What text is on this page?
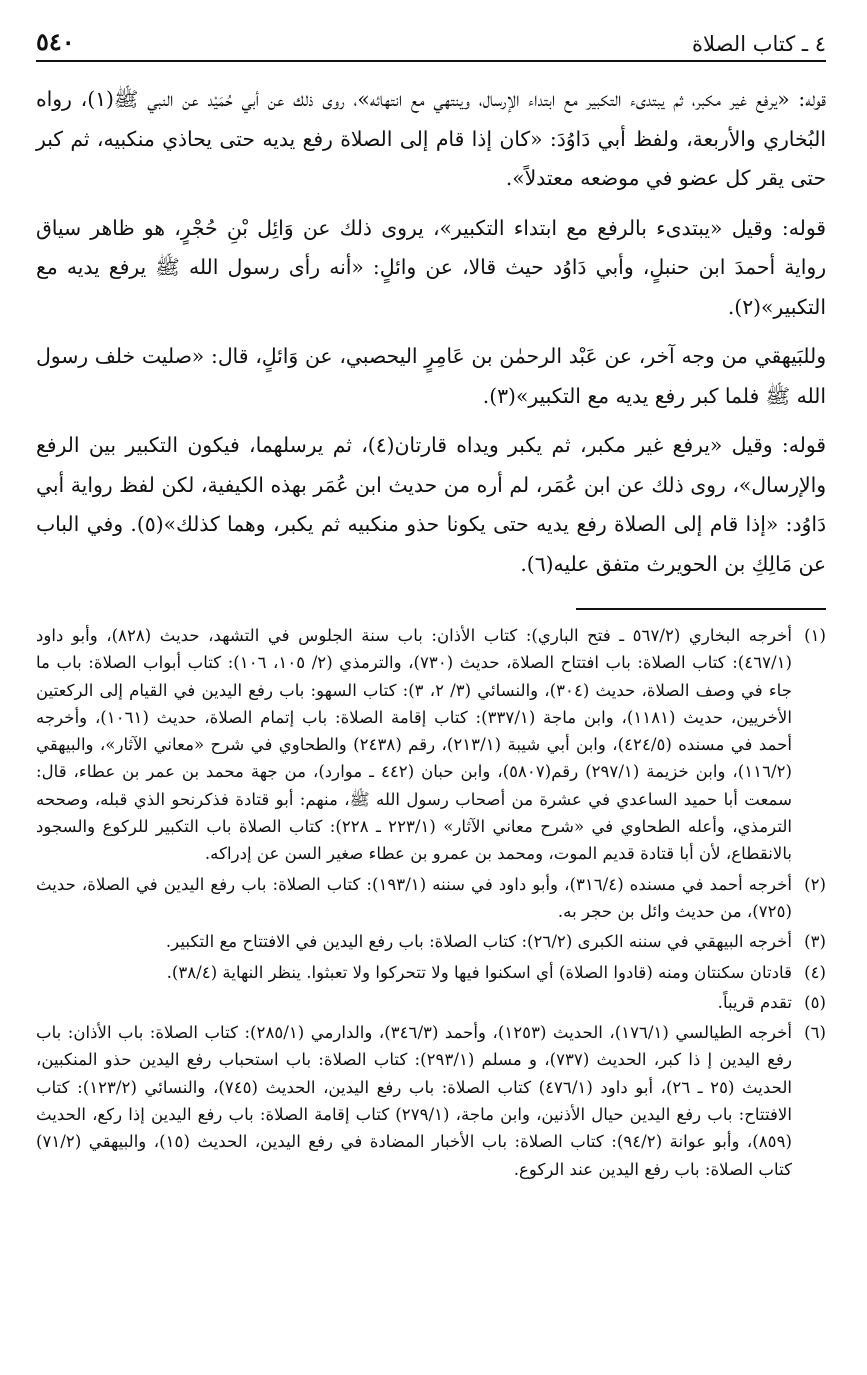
٤ ـ كتاب الصلاة
٥٤٠

قوله: «يرفع غير مكبر، ثم يبتدىء التكبير مع ابتداء الإرسال، وينتهي مع انتهائه»، روى ذلك عن أبي حُمَيْد عن النبي ﷺ(١)، رواه البُخاري والأربعة، ولفظ أبي دَاوُدَ: «كان إذا قام إلى الصلاة رفع يديه حتى يحاذي منكبيه، ثم كبر حتى يقر كل عضو في موضعه معتدلاً».

قوله: وقيل «يبتدىء بالرفع مع ابتداء التكبير»، يروى ذلك عن وَائِل بْنِ حُجْرٍ، هو ظاهر سياق رواية أحمدَ ابن حنبلٍ، وأبي دَاوُد حيث قالا، عن وائلٍ: «أنه رأى رسول الله ﷺ يرفع يديه مع التكبير»(٢).

وللبَيهقي من وجه آخر، عن عَبْد الرحمٰن بن عَامِرٍ اليحصبي، عن وَائلٍ، قال: «صليت خلف رسول الله ﷺ فلما كبر رفع يديه مع التكبير»(٣).

قوله: وقيل «يرفع غير مكبر، ثم يكبر ويداه قارتان(٤)، ثم يرسلهما، فيكون التكبير بين الرفع والإرسال»، روى ذلك عن ابن عُمَر، لم أره من حديث ابن عُمَر بهذه الكيفية، لكن لفظ رواية أبي دَاوُد: «إذا قام إلى الصلاة رفع يديه حتى يكونا حذو منكبيه ثم يكبر، وهما كذلك»(٥). وفي الباب عن مَالِكِ بن الحويرث متفق عليه(٦).

(١)
أخرجه البخاري (٥٦٧/٢ ـ فتح الباري): كتاب الأذان: باب سنة الجلوس في التشهد، حديث (٨٢٨)، وأبو داود (٤٦٧/١): كتاب الصلاة: باب افتتاح الصلاة، حديث (٧٣٠)، والترمذي (٢/ ١٠٥، ١٠٦): كتاب أبواب الصلاة: باب ما جاء في وصف الصلاة، حديث (٣٠٤)، والنسائي (٣/ ٢، ٣): كتاب السهو: باب رفع اليدين في القيام إلى الركعتين الأخريين، حديث (١١٨١)، وابن ماجة (٣٣٧/١): كتاب إقامة الصلاة: باب إتمام الصلاة، حديث (١٠٦١)، وأخرجه أحمد في مسنده (٤٢٤/٥)، وابن أبي شيبة (٢١٣/١)، رقم (٢٤٣٨) والطحاوي في شرح «معاني الآثار»، والبيهقي (١١٦/٢)، وابن خزيمة (٢٩٧/١) رقم(٥٨٠٧)، وابن حبان (٤٤٢ ـ موارد)، من جهة محمد بن عمر بن عطاء، قال: سمعت أبا حميد الساعدي في عشرة من أصحاب رسول الله ﷺ، منهم: أبو قتادة فذكرنحو الذي قبله، وصححه الترمذي، وأعله الطحاوي في «شرح معاني الآثار» (٢٢٣/١ ـ ٢٢٨): كتاب الصلاة باب التكبير للركوع والسجود بالانقطاع، لأن أبا قتادة قديم الموت، ومحمد بن عمرو بن عطاء صغير السن عن إدراكه.
(٢)
أخرجه أحمد في مسنده (٣١٦/٤)، وأبو داود في سننه (١٩٣/١): كتاب الصلاة: باب رفع اليدين في الصلاة، حديث (٧٢٥)، من حديث وائل بن حجر به.
(٣)
أخرجه البيهقي في سننه الكبرى (٢٦/٢): كتاب الصلاة: باب رفع اليدين في الافتتاح مع التكبير.
(٤)
قادتان سكنتان ومنه (قادوا الصلاة) أي اسكنوا فيها ولا تتحركوا ولا تعبثوا. ينظر النهاية (٣٨/٤).
(٥)
تقدم قريباً.
(٦)
أخرجه الطيالسي (١٧٦/١)، الحديث (١٢٥٣)، وأحمد (٣٤٦/٣)، والدارمي (٢٨٥/١): كتاب الصلاة: باب الأذان: باب رفع اليدين إ ذا كبر، الحديث (٧٣٧)، و مسلم (٢٩٣/١): كتاب الصلاة: باب استحباب رفع اليدين حذو المنكبين، الحديث (٢٥ ـ ٢٦)، أبو داود (٤٧٦/١) كتاب الصلاة: باب رفع اليدين، الحديث (٧٤٥)، والنسائي (١٢٣/٢): كتاب الافتتاح: باب رفع اليدين حيال الأذنين، وابن ماجة، (٢٧٩/١) كتاب إقامة الصلاة: باب رفع اليدين إذا ركع، الحديث (٨٥٩)، وأبو عوانة (٩٤/٢): كتاب الصلاة: باب الأخبار المضادة في رفع اليدين، الحديث (١٥)، والبيهقي (٧١/٢) كتاب الصلاة: باب رفع اليدين عند الركوع.
